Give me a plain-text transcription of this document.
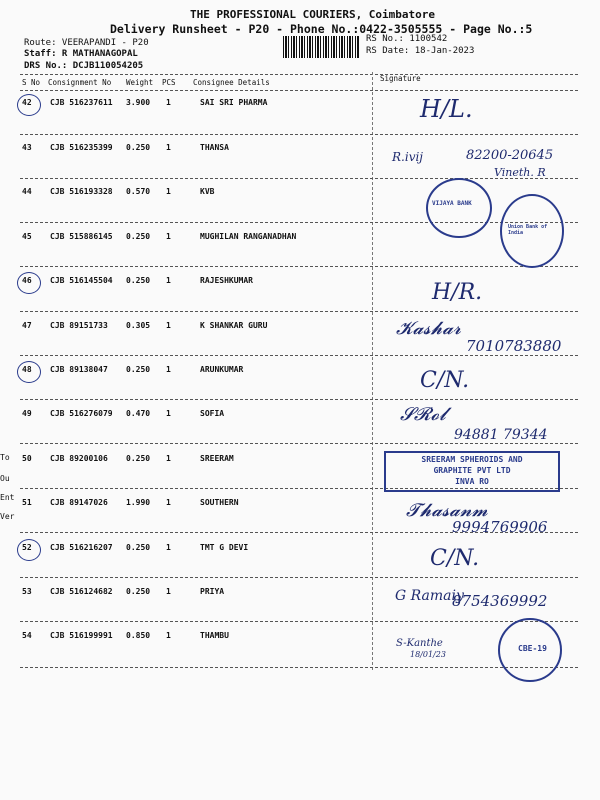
THE PROFESSIONAL COURIERS, Coimbatore
Delivery Runsheet - P20 - Phone No.:0422-3505555 - Page No.:5
Route: VEERAPANDI - P20
Staff: R MATHANAGOPAL
DRS No.: DCJB110054205
RS No.: 1100542
RS Date: 18-Jan-2023
S No Consignment No Weight PCS Consignee Details	Signature
42 CJB 516237611 3.900 1	SAI SRI PHARMA
43 CJB 516235399 0.250 1	THANSA
44 CJB 516193328 0.570 1	KVB
45 CJB 515886145 0.250 1	MUGHILAN RANGANADHAN
46 CJB 516145504 0.250 1	RAJESHKUMAR
47 CJB 89151733 0.305 1	K SHANKAR GURU
48 CJB 89138047 0.250 1	ARUNKUMAR
49 CJB 516276079 0.470 1	SOFIA
50 CJB 89200106 0.250 1	SREERAM
51 CJB 89147026 1.990 1	SOUTHERN
52 CJB 516216207 0.250 1	TMT G DEVI
53 CJB 516124682 0.250 1	PRIYA
54 CJB 516199991 0.850 1	THAMBU
To
Ou
Ent
Ver
H/L.
R.ivij	82200-20645
Vineth. R
H/R.
𝓚𝓪𝓼𝓱𝓪𝓻
7010783880
C/N.
𝓢𝓡𝓸𝓵
94881 79344
SREERAM SPHEROIDS AND
GRAPHITE PVT LTD
INVA RO
𝓣𝓱𝓪𝓼𝓪𝓷𝓶
9994769906
C/N.
G Ramaiy
8754369992
S-Kanthe
18/01/23
VIJAYA BANK
Union Bank of India
CBE-19
